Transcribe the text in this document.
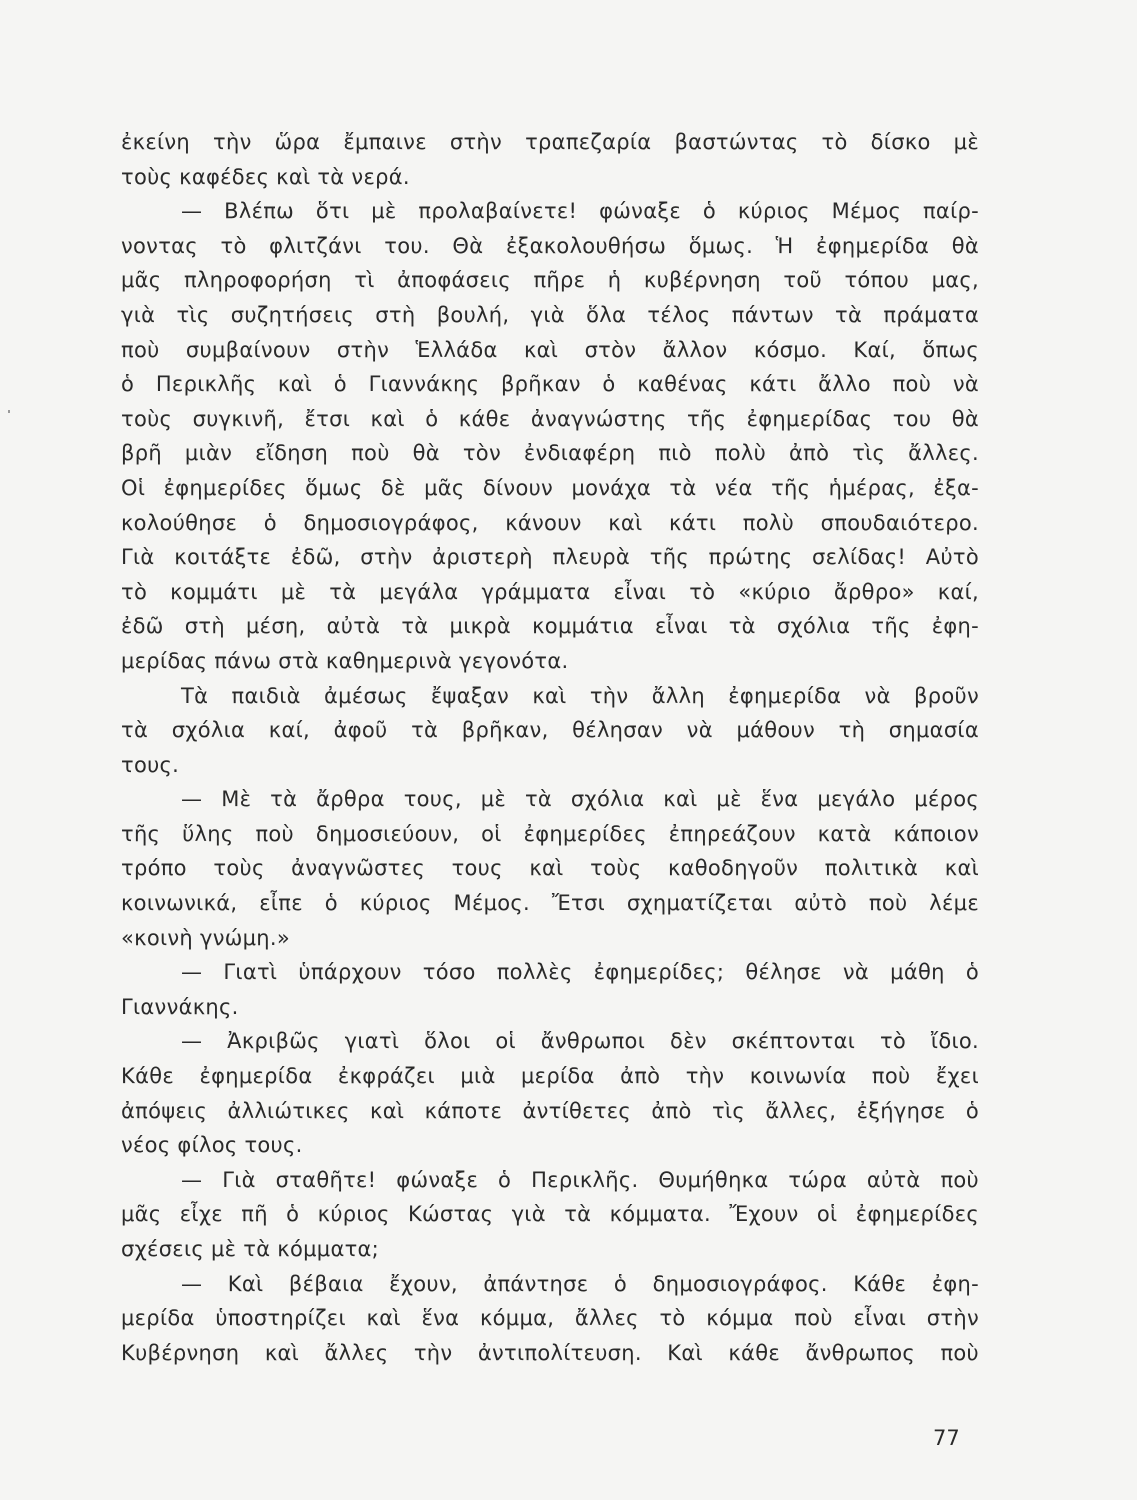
ἐκείνη τὴν ὥρα ἔμπαινε στὴν τραπεζαρία βαστώντας τὸ δίσκο μὲ
τοὺς καφέδες καὶ τὰ νερά.
— Βλέπω ὅτι μὲ προλαβαίνετε! φώναξε ὁ κύριος Μέμος παίρ-
νοντας τὸ φλιτζάνι του. Θὰ ἐξακολουθήσω ὅμως. Ἡ ἐφημερίδα θὰ
μᾶς πληροφορήση τὶ ἀποφάσεις πῆρε ἡ κυβέρνηση τοῦ τόπου μας,
γιὰ τὶς συζητήσεις στὴ βουλή, γιὰ ὅλα τέλος πάντων τὰ πράματα
ποὺ συμβαίνουν στὴν Ἑλλάδα καὶ στὸν ἄλλον κόσμο. Καί, ὅπως
ὁ Περικλῆς καὶ ὁ Γιαννάκης βρῆκαν ὁ καθένας κάτι ἄλλο ποὺ νὰ
τοὺς συγκινῆ, ἔτσι καὶ ὁ κάθε ἀναγνώστης τῆς ἐφημερίδας του θὰ
βρῆ μιὰν εἴδηση ποὺ θὰ τὸν ἐνδιαφέρη πιὸ πολὺ ἀπὸ τὶς ἄλλες.
Οἱ ἐφημερίδες ὅμως δὲ μᾶς δίνουν μονάχα τὰ νέα τῆς ἡμέρας, ἐξα-
κολούθησε ὁ δημοσιογράφος, κάνουν καὶ κάτι πολὺ σπουδαιότερο.
Γιὰ κοιτάξτε ἐδῶ, στὴν ἀριστερὴ πλευρὰ τῆς πρώτης σελίδας! Αὐτὸ
τὸ κομμάτι μὲ τὰ μεγάλα γράμματα εἶναι τὸ «κύριο ἄρθρο» καί,
ἐδῶ στὴ μέση, αὐτὰ τὰ μικρὰ κομμάτια εἶναι τὰ σχόλια τῆς ἐφη-
μερίδας πάνω στὰ καθημερινὰ γεγονότα.
Τὰ παιδιὰ ἀμέσως ἔψαξαν καὶ τὴν ἄλλη ἐφημερίδα νὰ βροῦν
τὰ σχόλια καί, ἀφοῦ τὰ βρῆκαν, θέλησαν νὰ μάθουν τὴ σημασία
τους.
— Μὲ τὰ ἄρθρα τους, μὲ τὰ σχόλια καὶ μὲ ἕνα μεγάλο μέρος
τῆς ὕλης ποὺ δημοσιεύουν, οἱ ἐφημερίδες ἐπηρεάζουν κατὰ κάποιον
τρόπο τοὺς ἀναγνῶστες τους καὶ τοὺς καθοδηγοῦν πολιτικὰ καὶ
κοινωνικά, εἶπε ὁ κύριος Μέμος. Ἔτσι σχηματίζεται αὐτὸ ποὺ λέμε
«κοινὴ γνώμη.»
— Γιατὶ ὑπάρχουν τόσο πολλὲς ἐφημερίδες; θέλησε νὰ μάθη ὁ
Γιαννάκης.
— Ἀκριβῶς γιατὶ ὅλοι οἱ ἄνθρωποι δὲν σκέπτονται τὸ ἴδιο.
Κάθε ἐφημερίδα ἐκφράζει μιὰ μερίδα ἀπὸ τὴν κοινωνία ποὺ ἔχει
ἀπόψεις ἀλλιώτικες καὶ κάποτε ἀντίθετες ἀπὸ τὶς ἄλλες, ἐξήγησε ὁ
νέος φίλος τους.
— Γιὰ σταθῆτε! φώναξε ὁ Περικλῆς. Θυμήθηκα τώρα αὐτὰ ποὺ
μᾶς εἶχε πῆ ὁ κύριος Κώστας γιὰ τὰ κόμματα. Ἔχουν οἱ ἐφημερίδες
σχέσεις μὲ τὰ κόμματα;
— Καὶ βέβαια ἔχουν, ἀπάντησε ὁ δημοσιογράφος. Κάθε ἐφη-
μερίδα ὑποστηρίζει καὶ ἕνα κόμμα, ἄλλες τὸ κόμμα ποὺ εἶναι στὴν
Κυβέρνηση καὶ ἄλλες τὴν ἀντιπολίτευση. Καὶ κάθε ἄνθρωπος ποὺ
77
